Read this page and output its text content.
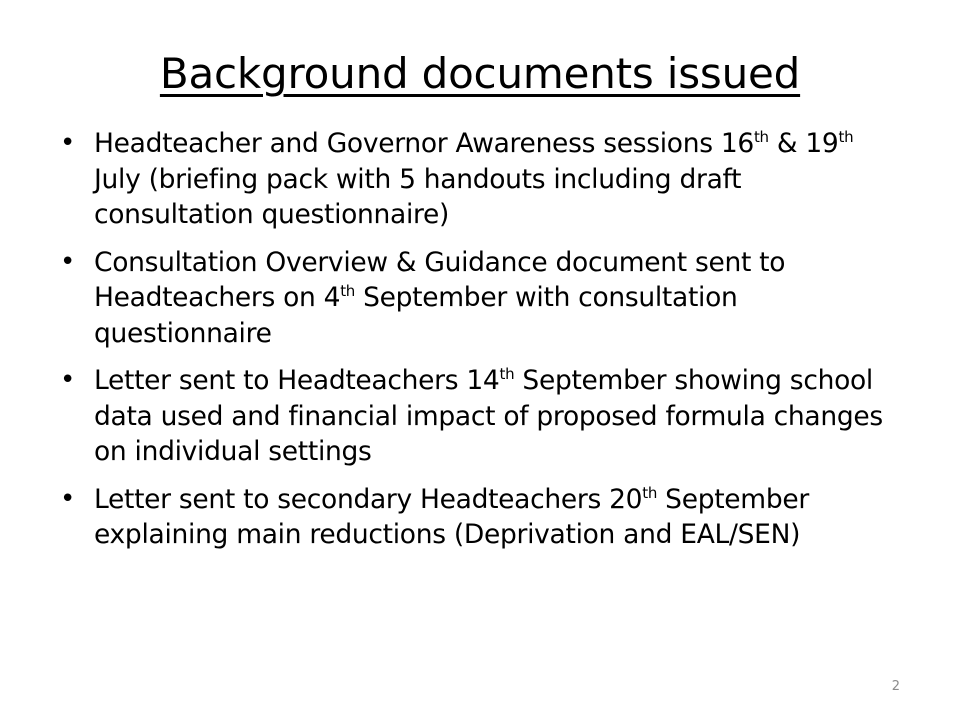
Background documents issued
• Headteacher and Governor Awareness sessions 16th & 19th July (briefing pack with 5 handouts including draft consultation questionnaire)
• Consultation Overview & Guidance document sent to Headteachers on 4th September with consultation questionnaire
• Letter sent to Headteachers 14th September showing school data used and financial impact of proposed formula changes on individual settings
• Letter sent to secondary Headteachers 20th September explaining main reductions (Deprivation and EAL/SEN)
2
